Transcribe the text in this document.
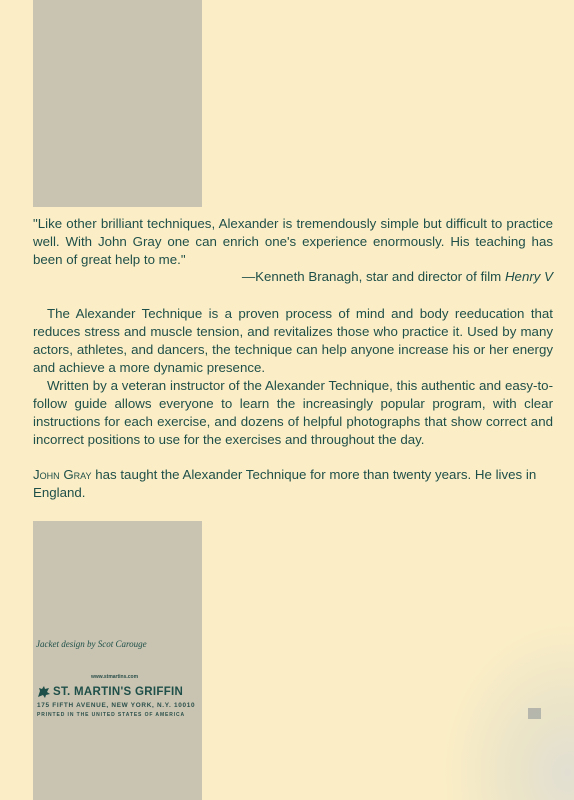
"Like other brilliant techniques, Alexander is tremendously simple but difficult to practice well. With John Gray one can enrich one's experience enormously. His teaching has been of great help to me."
—Kenneth Branagh, star and director of film Henry V

The Alexander Technique is a proven process of mind and body reeducation that reduces stress and muscle tension, and revitalizes those who practice it. Used by many actors, athletes, and dancers, the technique can help anyone increase his or her energy and achieve a more dynamic presence.

Written by a veteran instructor of the Alexander Technique, this authentic and easy-to-follow guide allows everyone to learn the increasingly popular program, with clear instructions for each exercise, and dozens of helpful photographs that show correct and incorrect positions to use for the exercises and throughout the day.

John Gray has taught the Alexander Technique for more than twenty years. He lives in England.

Jacket design by Scot Carouge
www.stmartins.com
ST. MARTIN'S GRIFFIN
175 FIFTH AVENUE, NEW YORK, N.Y. 10010
PRINTED IN THE UNITED STATES OF AMERICA
